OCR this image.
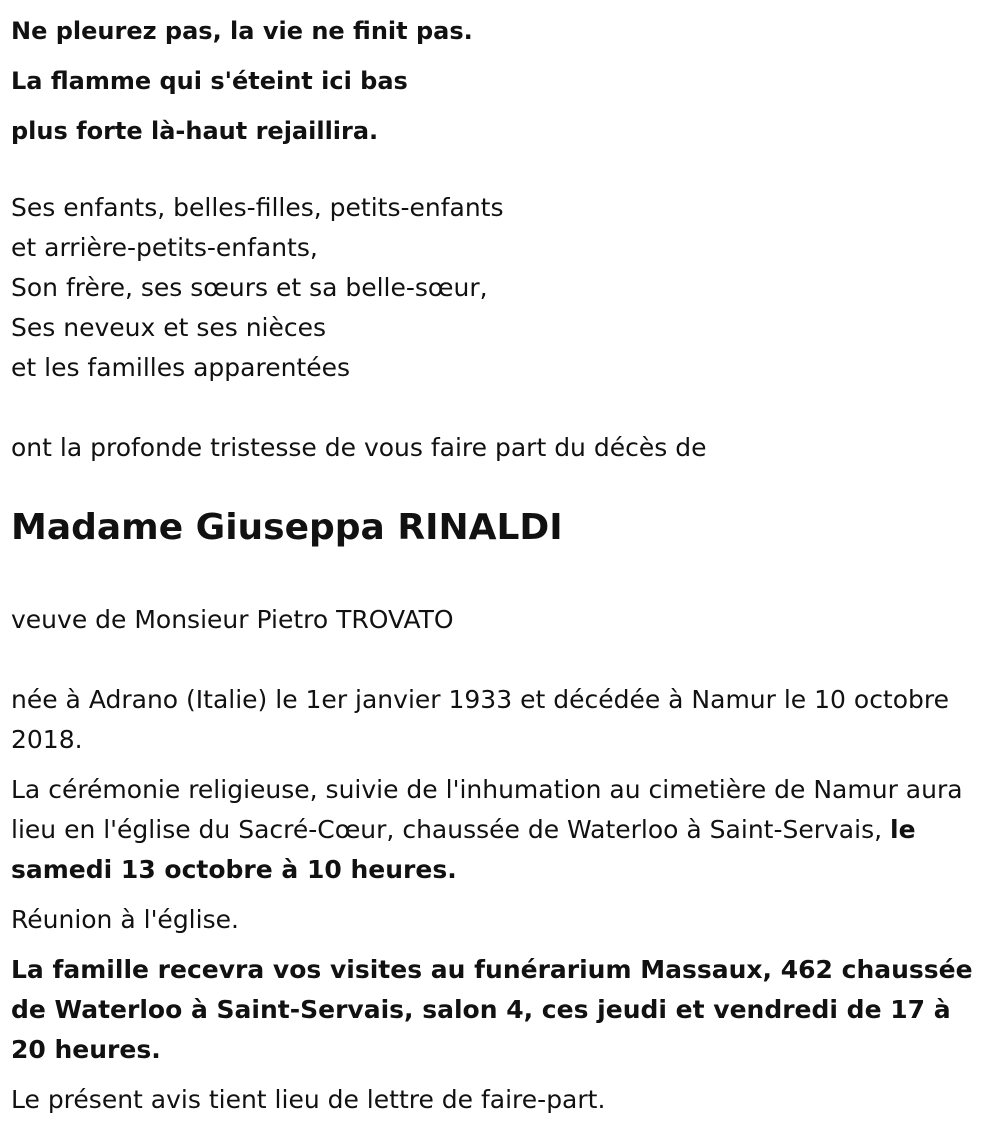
Ne pleurez pas, la vie ne finit pas.

La flamme qui s'éteint ici bas

plus forte là-haut rejaillira.

Ses enfants, belles-filles, petits-enfants

et arrière-petits-enfants,

Son frère, ses sœurs et sa belle-sœur,

Ses neveux et ses nièces

et les familles apparentées

ont la profonde tristesse de vous faire part du décès de

Madame Giuseppa RINALDI

veuve de Monsieur Pietro TROVATO

née à Adrano (Italie) le 1er janvier 1933 et décédée à Namur le 10 octobre 2018.

La cérémonie religieuse, suivie de l'inhumation au cimetière de Namur aura lieu en l'église du Sacré-Cœur, chaussée de Waterloo à Saint-Servais, le samedi 13 octobre à 10 heures.

Réunion à l'église.

La famille recevra vos visites au funérarium Massaux, 462 chaussée de Waterloo à Saint-Servais, salon 4, ces jeudi et vendredi de 17 à 20 heures.

Le présent avis tient lieu de lettre de faire-part.
